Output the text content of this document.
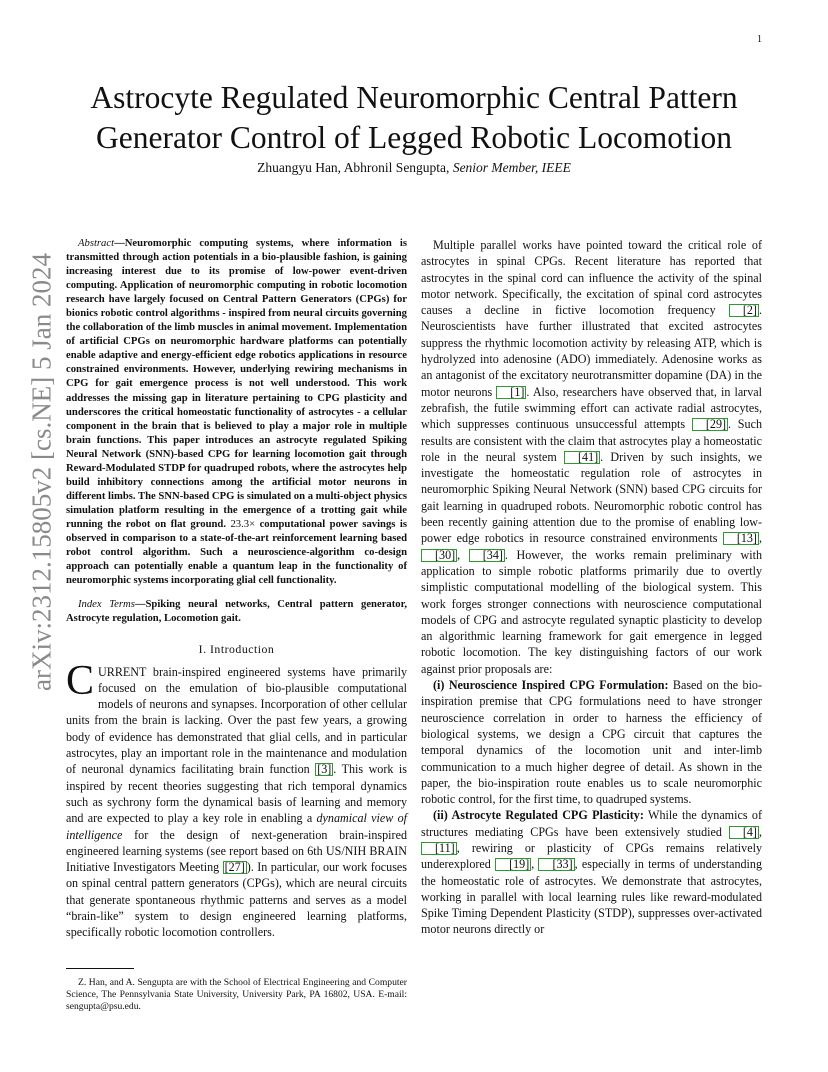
1
arXiv:2312.15805v2 [cs.NE] 5 Jan 2024
Astrocyte Regulated Neuromorphic Central Pattern Generator Control of Legged Robotic Locomotion
Zhuangyu Han, Abhronil Sengupta, Senior Member, IEEE

Abstract—Neuromorphic computing systems, where information is transmitted through action potentials in a bio-plausible fashion, is gaining increasing interest due to its promise of low-power event-driven computing. Application of neuromorphic computing in robotic locomotion research have largely focused on Central Pattern Generators (CPGs) for bionics robotic control algorithms - inspired from neural circuits governing the collaboration of the limb muscles in animal movement. Implementation of artificial CPGs on neuromorphic hardware platforms can potentially enable adaptive and energy-efficient edge robotics applications in resource constrained environments. However, underlying rewiring mechanisms in CPG for gait emergence process is not well understood. This work addresses the missing gap in literature pertaining to CPG plasticity and underscores the critical homeostatic functionality of astrocytes - a cellular component in the brain that is believed to play a major role in multiple brain functions. This paper introduces an astrocyte regulated Spiking Neural Network (SNN)-based CPG for learning locomotion gait through Reward-Modulated STDP for quadruped robots, where the astrocytes help build inhibitory connections among the artificial motor neurons in different limbs. The SNN-based CPG is simulated on a multi-object physics simulation platform resulting in the emergence of a trotting gait while running the robot on flat ground. 23.3× computational power savings is observed in comparison to a state-of-the-art reinforcement learning based robot control algorithm. Such a neuroscience-algorithm co-design approach can potentially enable a quantum leap in the functionality of neuromorphic systems incorporating glial cell functionality.

Index Terms—Spiking neural networks, Central pattern generator, Astrocyte regulation, Locomotion gait.

I. Introduction

CURRENT brain-inspired engineered systems have primarily focused on the emulation of bio-plausible computational models of neurons and synapses. Incorporation of other cellular units from the brain is lacking. Over the past few years, a growing body of evidence has demonstrated that glial cells, and in particular astrocytes, play an important role in the maintenance and modulation of neuronal dynamics facilitating brain function [3] . This work is inspired by recent theories suggesting that rich temporal dynamics such as sychrony form the dynamical basis of learning and memory and are expected to play a key role in enabling a dynamical view of intelligence for the design of next-generation brain-inspired engineered learning systems (see report based on 6th US/NIH BRAIN Initiative Investigators Meeting [27] ). In particular, our work focuses on spinal central pattern generators (CPGs), which are neural circuits that generate spontaneous rhythmic patterns and serves as a model “brain-like” system to design engineered learning platforms, specifically robotic locomotion controllers.

Z. Han, and A. Sengupta are with the School of Electrical Engineering and Computer Science, The Pennsylvania State University, University Park, PA 16802, USA. E-mail: sengupta@psu.edu.

Multiple parallel works have pointed toward the critical role of astrocytes in spinal CPGs. Recent literature has reported that astrocytes in the spinal cord can influence the activity of the spinal motor network. Specifically, the excitation of spinal cord astrocytes causes a decline in fictive locomotion frequency [2] . Neuroscientists have further illustrated that excited astrocytes suppress the rhythmic locomotion activity by releasing ATP, which is hydrolyzed into adenosine (ADO) immediately. Adenosine works as an antagonist of the excitatory neurotransmitter dopamine (DA) in the motor neurons [1] . Also, researchers have observed that, in larval zebrafish, the futile swimming effort can activate radial astrocytes, which suppresses continuous unsuccessful attempts [29] . Such results are consistent with the claim that astrocytes play a homeostatic role in the neural system [41] . Driven by such insights, we investigate the homeostatic regulation role of astrocytes in neuromorphic Spiking Neural Network (SNN) based CPG circuits for gait learning in quadruped robots. Neuromorphic robotic control has been recently gaining attention due to the promise of enabling low-power edge robotics in resource constrained environments [13] , [30] , [34] . However, the works remain preliminary with application to simple robotic platforms primarily due to overtly simplistic computational modelling of the biological system. This work forges stronger connections with neuroscience computational models of CPG and astrocyte regulated synaptic plasticity to develop an algorithmic learning framework for gait emergence in legged robotic locomotion. The key distinguishing factors of our work against prior proposals are:

(i) Neuroscience Inspired CPG Formulation: Based on the bio-inspiration premise that CPG formulations need to have stronger neuroscience correlation in order to harness the efficiency of biological systems, we design a CPG circuit that captures the temporal dynamics of the locomotion unit and inter-limb communication to a much higher degree of detail. As shown in the paper, the bio-inspiration route enables us to scale neuromorphic robotic control, for the first time, to quadruped systems.

(ii) Astrocyte Regulated CPG Plasticity: While the dynamics of structures mediating CPGs have been extensively studied [4] , [11] , rewiring or plasticity of CPGs remains relatively underexplored [19] , [33] , especially in terms of understanding the homeostatic role of astrocytes. We demonstrate that astrocytes, working in parallel with local learning rules like reward-modulated Spike Timing Dependent Plasticity (STDP), suppresses over-activated motor neurons directly or
